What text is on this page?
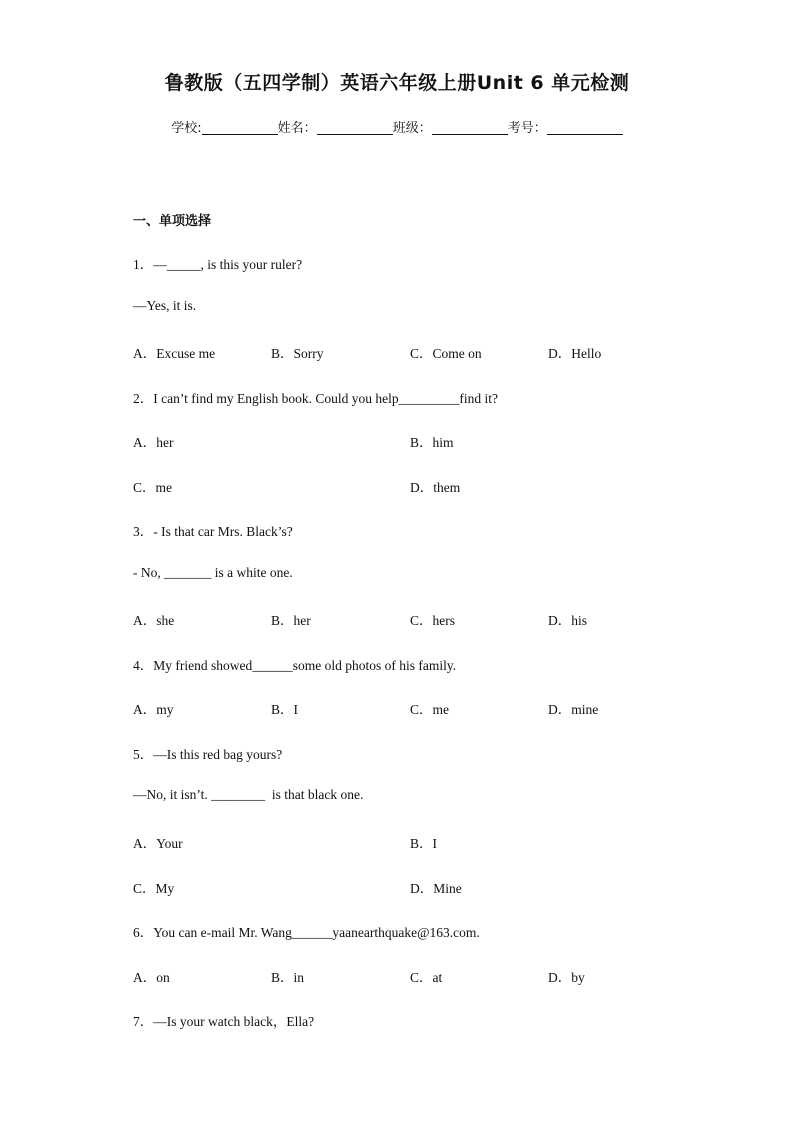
鲁教版（五四学制）英语六年级上册Unit 6 单元检测
学校:	姓名：	班级：	考号：
一、单项选择
1．—_____, is this your ruler?
—Yes, it is.
A．Excuse me	B．Sorry	C．Come on	D．Hello
2．I can’t find my English book. Could you help_________find it?
A．her	B．him
C．me	D．them
3．- Is that car Mrs. Black’s?
- No, _______ is a white one.
A．she	B．her	C．hers	D．his
4．My friend showed______some old photos of his family.
A．my	B．I	C．me	D．mine
5．—Is this red bag yours?
—No, it isn’t. ________  is that black one.
A．Your	B．I
C．My	D．Mine
6．You can e-mail Mr. Wang______yaanearthquake@163.com.
A．on	B．in	C．at	D．by
7．—Is your watch black，Ella?
